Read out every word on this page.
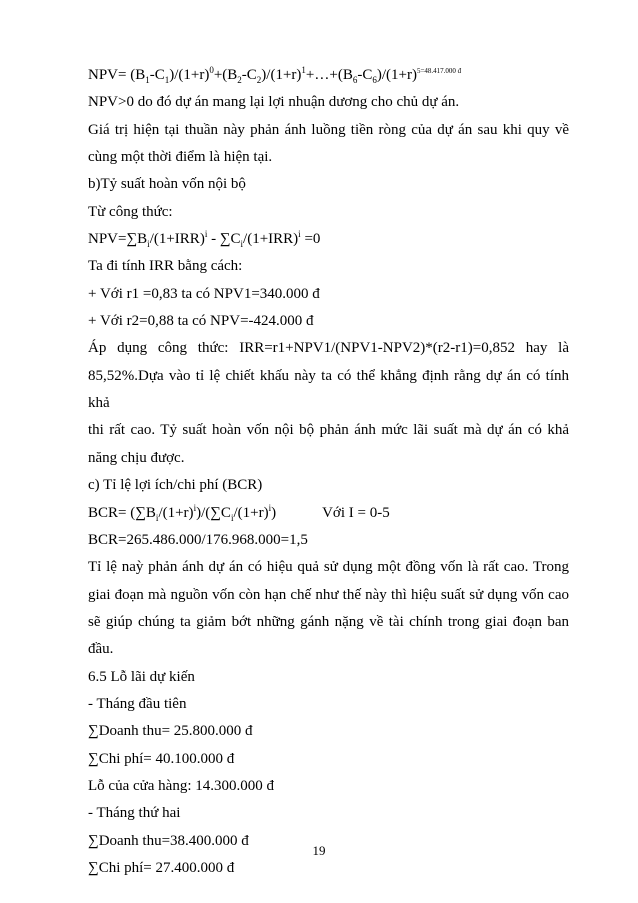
$NPV= (B_1-C_1)/(1+r)^0+(B_2-C_2)/(1+r)^1+\dots+(B_6-C_6)/(1+r)^{5=48.417.000 đ}$

NPV>0 do đó dự án mang lại lợi nhuận dương cho chủ dự án.

Giá trị hiện tại thuần này phản ánh luồng tiền ròng của dự án sau khi quy về

cùng một thời điểm là hiện tại.

b)Tỷ suất hoàn vốn nội bộ

Từ công thức:

$NPV=\sum B_i/(1+IRR)^i - \sum C_i/(1+IRR)^i =0$

Ta đi tính IRR bằng cách:

+ Với r1 =0,83 ta có NPV1=340.000 đ

+ Với r2=0,88 ta có NPV=-424.000 đ

Áp dụng công thức: IRR=r1+NPV1/(NPV1-NPV2)*(r2-r1)=0,852 hay là

85,52%.Dựa vào tỉ lệ chiết khấu này ta có thể khẳng định rằng dự án có tính khả

thi rất cao. Tỷ suất hoàn vốn nội bộ phản ánh mức lãi suất mà dự án có khả

năng chịu được.

c) Tỉ lệ lợi ích/chi phí (BCR)

$BCR= (\sum B_i/(1+r)^i)/(\sum C_i/(1+r)^i)$	Với I = 0-5

BCR=265.486.000/176.968.000=1,5

Tỉ lệ naỳ phản ánh dự án có hiệu quả sử dụng một đồng vốn là rất cao. Trong

giai đoạn mà nguồn vốn còn hạn chế như thế này thì hiệu suất sử dụng vốn cao

sẽ giúp chúng ta giảm bớt những gánh nặng về tài chính trong giai đoạn ban

đầu.

6.5 Lỗ lãi dự kiến

- Tháng đầu tiên

∑Doanh thu= 25.800.000 đ

∑Chi phí= 40.100.000 đ

Lỗ của cửa hàng: 14.300.000 đ

- Tháng thứ hai

∑Doanh thu=38.400.000 đ

∑Chi phí= 27.400.000 đ

19
